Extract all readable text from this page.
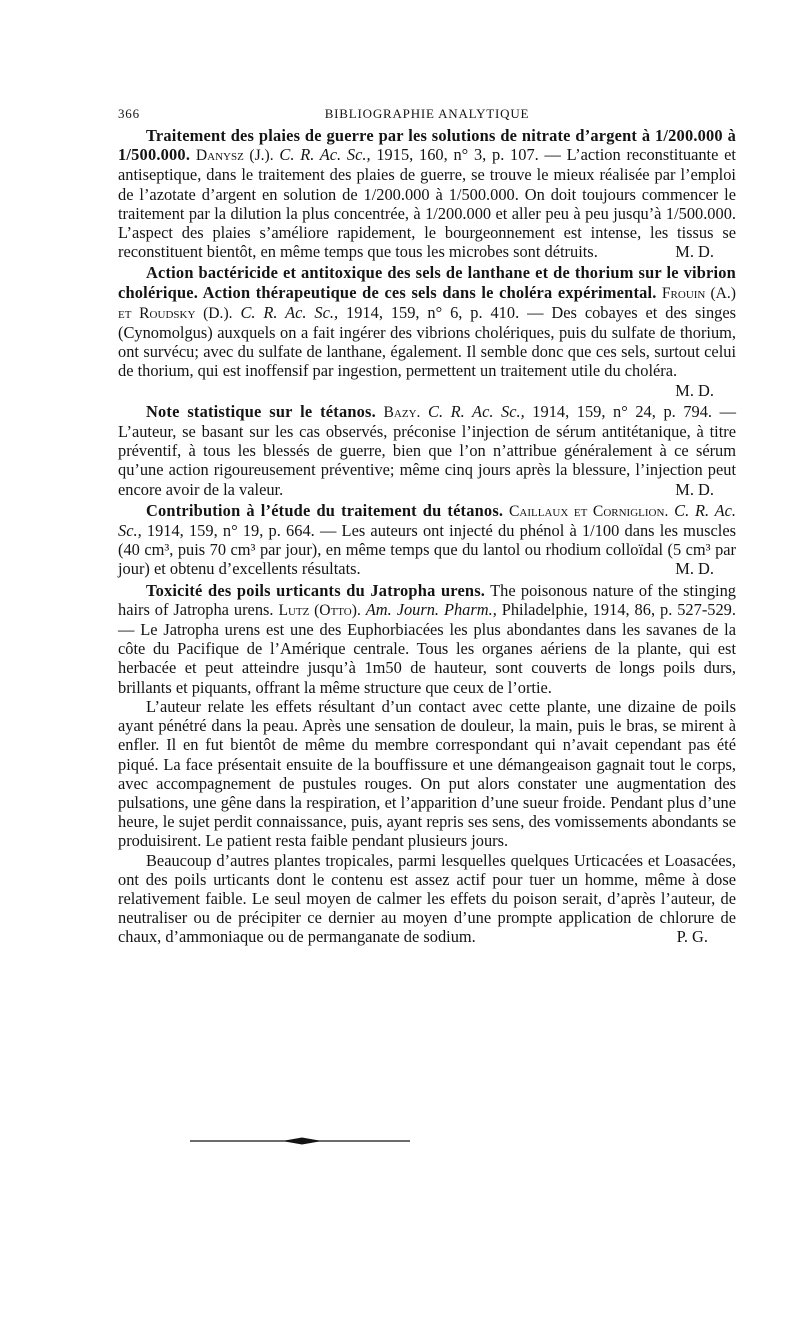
366	BIBLIOGRAPHIE ANALYTIQUE

Traitement des plaies de guerre par les solutions de nitrate d’argent à 1/200.000 à 1/500.000. Danysz (J.). C. R. Ac. Sc., 1915, 160, n° 3, p. 107. — L’action reconstituante et antiseptique, dans le traitement des plaies de guerre, se trouve le mieux réalisée par l’emploi de l’azotate d’argent en solution de 1/200.000 à 1/500.000. On doit toujours commencer le traitement par la dilution la plus concentrée, à 1/200.000 et aller peu à peu jusqu’à 1/500.000. L’aspect des plaies s’améliore rapidement, le bourgeonnement est intense, les tissus se reconstituent bientôt, en même temps que tous les microbes sont détruits.	M. D.

Action bactéricide et antitoxique des sels de lanthane et de thorium sur le vibrion cholérique. Action thérapeutique de ces sels dans le choléra expérimental. Frouin (A.) et Roudsky (D.). C. R. Ac. Sc., 1914, 159, n° 6, p. 410. — Des cobayes et des singes (Cynomolgus) auxquels on a fait ingérer des vibrions cholériques, puis du sulfate de thorium, ont survécu; avec du sulfate de lanthane, également. Il semble donc que ces sels, surtout celui de thorium, qui est inoffensif par ingestion, permettent un traitement utile du choléra.
M. D.

Note statistique sur le tétanos. Bazy. C. R. Ac. Sc., 1914, 159, n° 24, p. 794. — L’auteur, se basant sur les cas observés, préconise l’injection de sérum antitétanique, à titre préventif, à tous les blessés de guerre, bien que l’on n’attribue généralement à ce sérum qu’une action rigoureusement préventive; même cinq jours après la blessure, l’injection peut encore avoir de la valeur.	M. D.

Contribution à l’étude du traitement du tétanos. Caillaux et Corniglion. C. R. Ac. Sc., 1914, 159, n° 19, p. 664. — Les auteurs ont injecté du phénol à 1/100 dans les muscles (40 cm³, puis 70 cm³ par jour), en même temps que du lantol ou rhodium colloïdal (5 cm³ par jour) et obtenu d’excellents résultats.	M. D.

Toxicité des poils urticants du Jatropha urens. The poisonous nature of the stinging hairs of Jatropha urens. Lutz (Otto). Am. Journ. Pharm., Philadelphie, 1914, 86, p. 527-529. — Le Jatropha urens est une des Euphorbiacées les plus abondantes dans les savanes de la côte du Pacifique de l’Amérique centrale. Tous les organes aériens de la plante, qui est herbacée et peut atteindre jusqu’à 1m50 de hauteur, sont couverts de longs poils durs, brillants et piquants, offrant la même structure que ceux de l’ortie.

L’auteur relate les effets résultant d’un contact avec cette plante, une dizaine de poils ayant pénétré dans la peau. Après une sensation de douleur, la main, puis le bras, se mirent à enfler. Il en fut bientôt de même du membre correspondant qui n’avait cependant pas été piqué. La face présentait ensuite de la bouffissure et une démangeaison gagnait tout le corps, avec accompagnement de pustules rouges. On put alors constater une augmentation des pulsations, une gêne dans la respiration, et l’apparition d’une sueur froide. Pendant plus d’une heure, le sujet perdit connaissance, puis, ayant repris ses sens, des vomissements abondants se produisirent. Le patient resta faible pendant plusieurs jours.

Beaucoup d’autres plantes tropicales, parmi lesquelles quelques Urticacées et Loasacées, ont des poils urticants dont le contenu est assez actif pour tuer un homme, même à dose relativement faible. Le seul moyen de calmer les effets du poison serait, d’après l’auteur, de neutraliser ou de précipiter ce dernier au moyen d’une prompte application de chlorure de chaux, d’ammoniaque ou de permanganate de sodium.	P. G.
